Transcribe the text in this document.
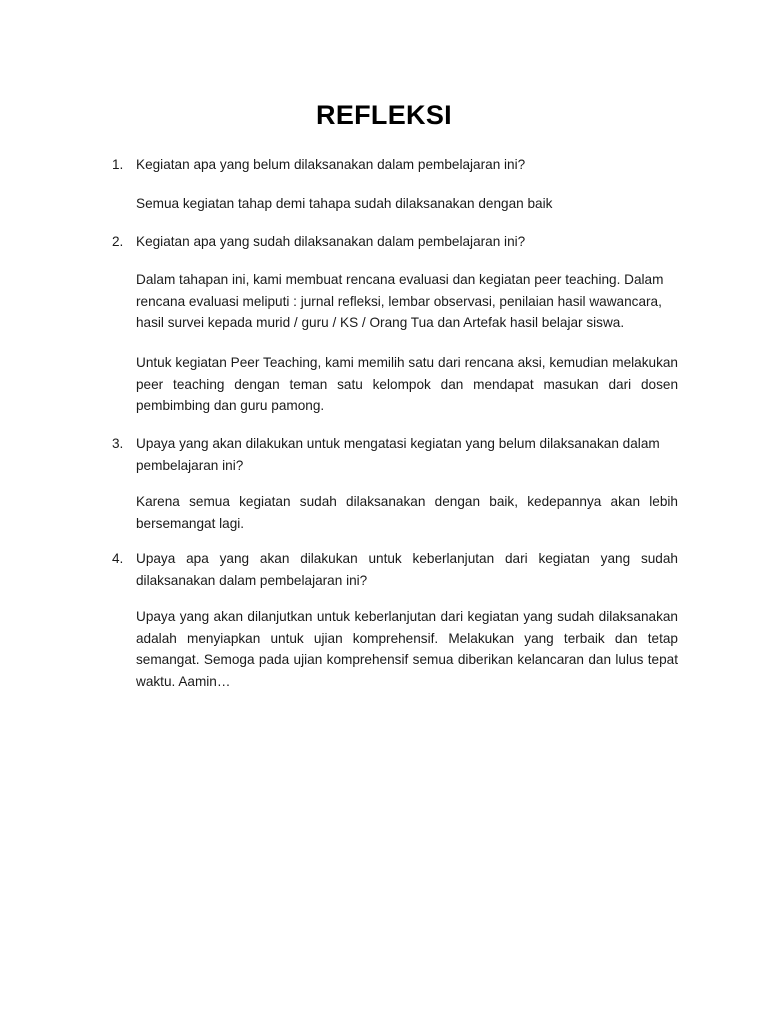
REFLEKSI
1. Kegiatan apa yang belum dilaksanakan dalam pembelajaran ini?
Semua kegiatan tahap demi tahapa sudah dilaksanakan dengan baik
2. Kegiatan apa yang sudah dilaksanakan dalam pembelajaran ini?
Dalam tahapan ini, kami membuat rencana evaluasi dan kegiatan peer teaching. Dalam rencana evaluasi meliputi : jurnal refleksi, lembar observasi, penilaian hasil wawancara, hasil survei kepada murid / guru / KS / Orang Tua dan Artefak hasil belajar siswa.
Untuk kegiatan Peer Teaching, kami memilih satu dari rencana aksi, kemudian melakukan peer teaching dengan teman satu kelompok dan mendapat masukan dari dosen pembimbing dan guru pamong.
3. Upaya yang akan dilakukan untuk mengatasi kegiatan yang belum dilaksanakan dalam pembelajaran ini?
Karena semua kegiatan sudah dilaksanakan dengan baik, kedepannya akan lebih bersemangat lagi.
4. Upaya apa yang akan dilakukan untuk keberlanjutan dari kegiatan yang sudah dilaksanakan dalam pembelajaran ini?
Upaya yang akan dilanjutkan untuk keberlanjutan dari kegiatan yang sudah dilaksanakan adalah menyiapkan untuk ujian komprehensif. Melakukan yang terbaik dan tetap semangat. Semoga pada ujian komprehensif semua diberikan kelancaran dan lulus tepat waktu. Aamin…
